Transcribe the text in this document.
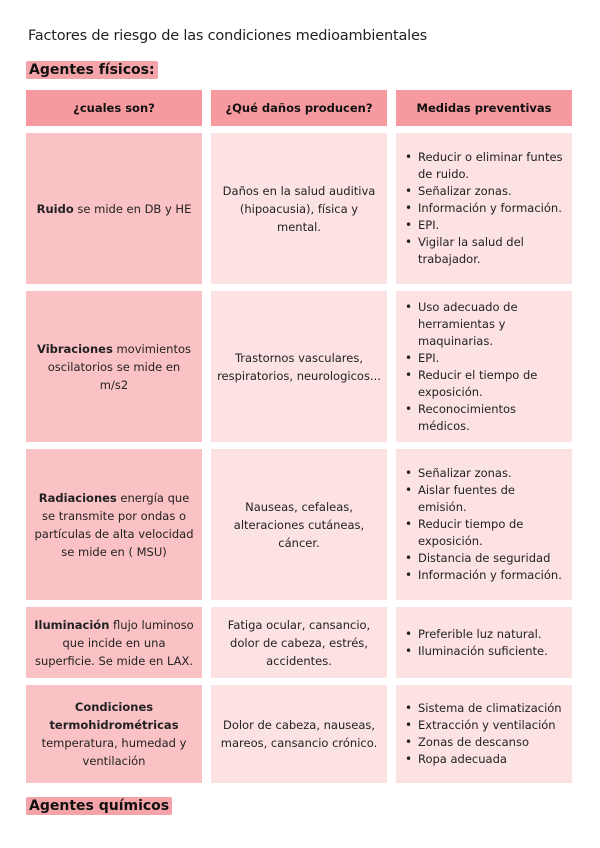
Factores de riesgo de las condiciones medioambientales
Agentes físicos:
¿cuales son?	¿Qué daños producen?	Medidas preventivas
Ruido se mide en DB y HE
Daños en la salud auditiva (hipoacusia), física y mental.
• Reducir o eliminar funtes de ruido.
• Señalizar zonas.
• Información y formación.
• EPI.
• Vigilar la salud del trabajador.
Vibraciones movimientos oscilatorios se mide en m/s2
Trastornos vasculares, respiratorios, neurologicos...
• Uso adecuado de herramientas y maquinarias.
• EPI.
• Reducir el tiempo de exposición.
• Reconocimientos médicos.
Radiaciones energía que se transmite por ondas o partículas de alta velocidad se mide en ( MSU)
Nauseas, cefaleas, alteraciones cutáneas, cáncer.
• Señalizar zonas.
• Aislar fuentes de emisión.
• Reducir tiempo de exposición.
• Distancia de seguridad
• Información y formación.
Iluminación flujo luminoso que incide en una superficie. Se mide en LAX.
Fatiga ocular, cansancio, dolor de cabeza, estrés, accidentes.
• Preferible luz natural.
• Iluminación suficiente.
Condiciones termohidrométricas
temperatura, humedad y ventilación
Dolor de cabeza, nauseas, mareos, cansancio crónico.
• Sistema de climatización
• Extracción y ventilación
• Zonas de descanso
• Ropa adecuada
Agentes químicos
